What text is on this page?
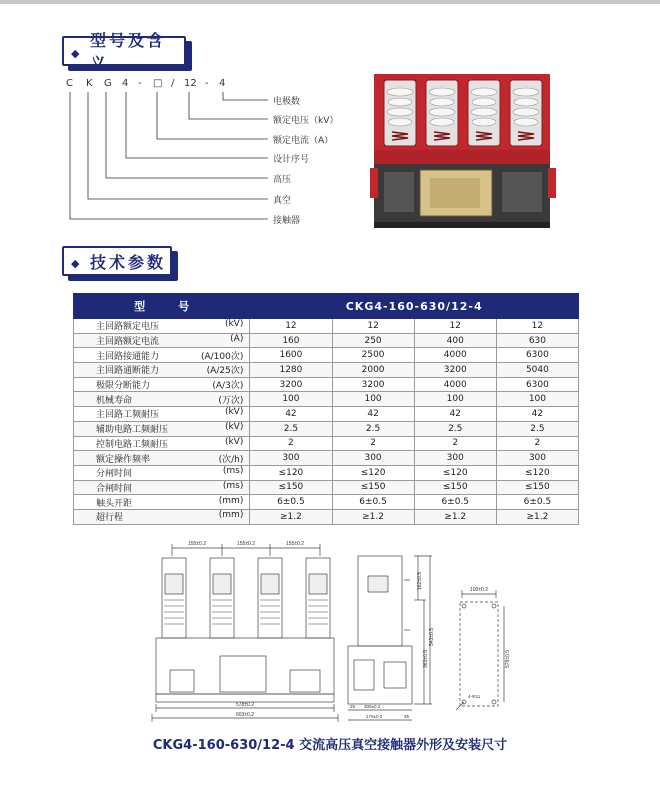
◆
型号及含义
C K G 4 - □ / 12 - 4
电极数
额定电压（kV）
额定电流（A）
设计序号
高压
真空
接触器
◆ 技术参数
型　　　号	CKG4-160-630/12-4			

(kV)
主回路额定电压	12	12	12	12

(A)
主回路额定电流	160	250	400	630

(A/100次)
主回路接通能力	1600	2500	4000	6300

(A/25次)
主回路通断能力	1280	2000	3200	5040

(A/3次)
极限分断能力	3200	3200	4000	6300

(万次)
机械寿命	100	100	100	100

(kV)
主回路工频耐压	42	42	42	42

(kV)
辅助电路工频耐压	2.5	2.5	2.5	2.5

(kV)
控制电路工频耐压	2	2	2	2

(次/h)
额定操作频率	300	300	300	300

(ms)
分闸时间	≤120	≤120	≤120	≤120

(ms)
合闸时间	≤150	≤150	≤150	≤150

(mm)
触头开距	6±0.5	6±0.5	6±0.5	6±0.5

(mm)
超行程	≥1.2	≥1.2	≥1.2	≥1.2
155±0.2	155±0.2	155±0.2
578±0.2
603±0.2
162±0.5
363±0.5
543±0.5
25 300±0.2
170±0.2	35
100±0.2
578±0.5
4-Φ11
CKG4-160-630/12-4 交流高压真空接触器外形及安装尺寸
